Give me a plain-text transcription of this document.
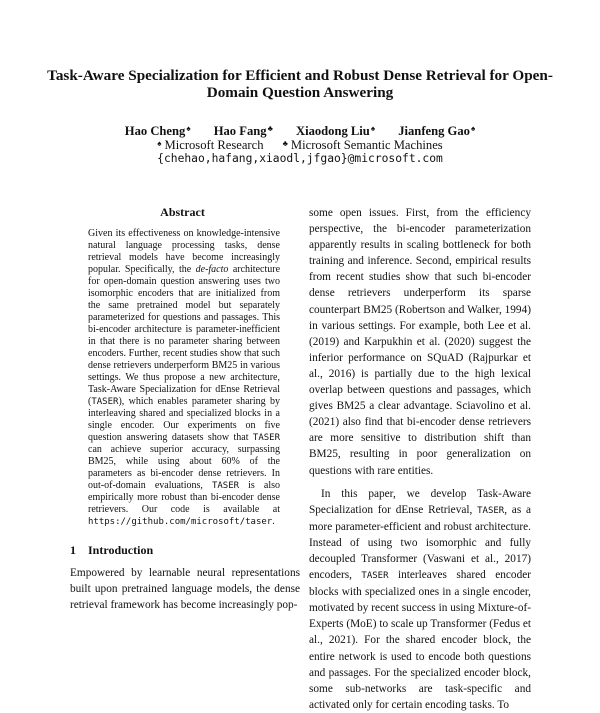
Task-Aware Specialization for Efficient and Robust Dense Retrieval for Open-Domain Question Answering
Hao Cheng♠ Hao Fang♣ Xiaodong Liu♠ Jianfeng Gao♠
♠ Microsoft Research ♣ Microsoft Semantic Machines
{chehao,hafang,xiaodl,jfgao}@microsoft.com
Abstract
Given its effectiveness on knowledge-intensive natural language processing tasks, dense retrieval models have become increasingly popular. Specifically, the de-facto architecture for open-domain question answering uses two isomorphic encoders that are initialized from the same pretrained model but separately parameterized for questions and passages. This bi-encoder architecture is parameter-inefficient in that there is no parameter sharing between encoders. Further, recent studies show that such dense retrievers underperform BM25 in various settings. We thus propose a new architecture, Task-Aware Specialization for dEnse Retrieval (TASER), which enables parameter sharing by interleaving shared and specialized blocks in a single encoder. Our experiments on five question answering datasets show that TASER can achieve superior accuracy, surpassing BM25, while using about 60% of the parameters as bi-encoder dense retrievers. In out-of-domain evaluations, TASER is also empirically more robust than bi-encoder dense retrievers. Our code is available at https://github.com/microsoft/taser.
1 Introduction
Empowered by learnable neural representations built upon pretrained language models, the dense retrieval framework has become increasingly pop-

some open issues. First, from the efficiency perspective, the bi-encoder parameterization apparently results in scaling bottleneck for both training and inference. Second, empirical results from recent studies show that such bi-encoder dense retrievers underperform its sparse counterpart BM25 (Robertson and Walker, 1994) in various settings. For example, both Lee et al. (2019) and Karpukhin et al. (2020) suggest the inferior performance on SQuAD (Rajpurkar et al., 2016) is partially due to the high lexical overlap between questions and passages, which gives BM25 a clear advantage. Sciavolino et al. (2021) also find that bi-encoder dense retrievers are more sensitive to distribution shift than BM25, resulting in poor generalization on questions with rare entities.

In this paper, we develop Task-Aware Specialization for dEnse Retrieval, TASER, as a more parameter-efficient and robust architecture. Instead of using two isomorphic and fully decoupled Transformer (Vaswani et al., 2017) encoders, TASER interleaves shared encoder blocks with specialized ones in a single encoder, motivated by recent success in using Mixture-of-Experts (MoE) to scale up Transformer (Fedus et al., 2021). For the shared encoder block, the entire network is used to encode both questions and passages. For the specialized encoder block, some sub-networks are task-specific and activated only for certain encoding tasks. To
